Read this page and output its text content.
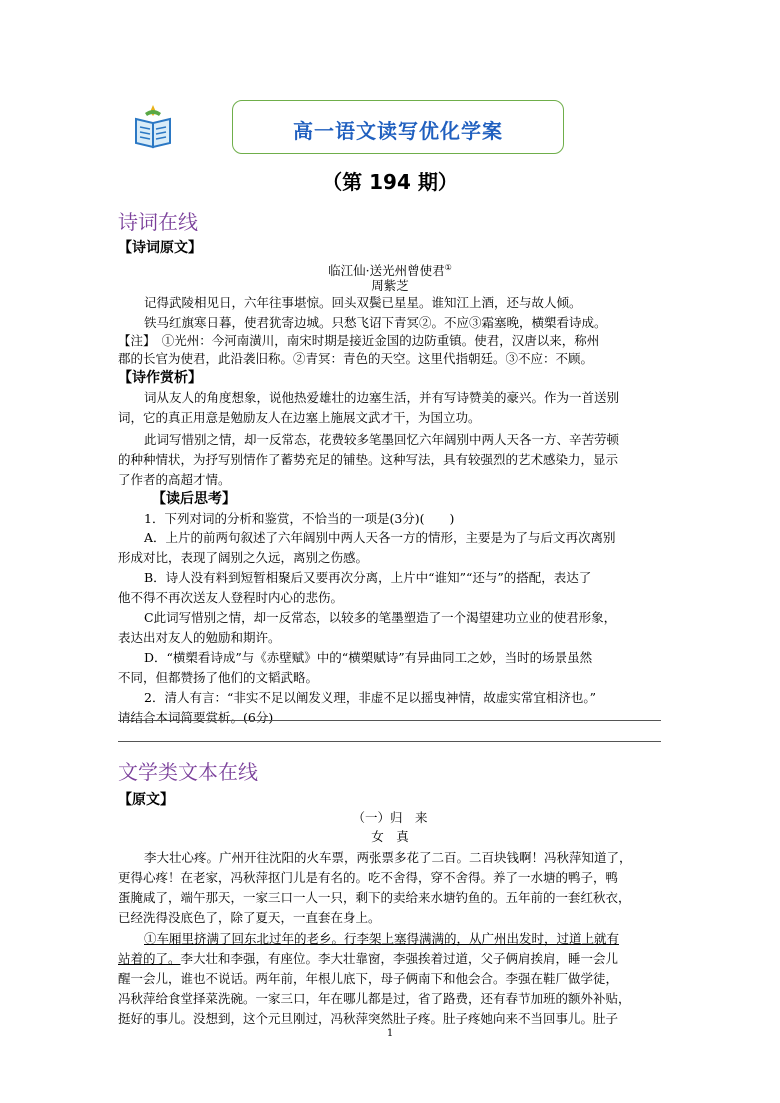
高一语文读写优化学案
（第 194 期）
诗词在线
【诗词原文】
临江仙·送光州曾使君①
周紫芝
记得武陵相见日，六年往事堪惊。回头双鬓已星星。谁知江上酒，还与故人倾。
铁马红旗寒日暮，使君犹寄边城。只愁飞诏下青冥②。不应③霜塞晚，横槊看诗成。
【注】　①光州：今河南潢川，南宋时期是接近金国的边防重镇。使君，汉唐以来，称州
郡的长官为使君，此沿袭旧称。②青冥：青色的天空。这里代指朝廷。③不应：不顾。
【诗作赏析】
词从友人的角度想象，说他热爱雄壮的边塞生活，并有写诗赞美的豪兴。作为一首送别
词，它的真正用意是勉励友人在边塞上施展文武才干，为国立功。
此词写惜别之情，却一反常态，花费较多笔墨回忆六年阔别中两人天各一方、辛苦劳顿
的种种情状，为抒写别情作了蓄势充足的铺垫。这种写法，具有较强烈的艺术感染力，显示
了作者的高超才情。
【读后思考】
1．下列对词的分析和鉴赏，不恰当的一项是(3分)(　　)
A．上片的前两句叙述了六年阔别中两人天各一方的情形，主要是为了与后文再次离别
形成对比，表现了阔别之久远，离别之伤感。
B．诗人没有料到短暂相聚后又要再次分离，上片中“谁知”“还与”的搭配，表达了
他不得不再次送友人登程时内心的悲伤。
C此词写惜别之情，却一反常态，以较多的笔墨塑造了一个渴望建功立业的使君形象，
表达出对友人的勉励和期许。
D．“横槊看诗成”与《赤壁赋》中的“横槊赋诗”有异曲同工之妙，当时的场景虽然
不同，但都赞扬了他们的文韬武略。
2．清人有言：“非实不足以阐发义理，非虚不足以摇曳神情，故虚实常宜相济也。”
请结合本词简要赏析。(6分)
文学类文本在线
【原文】
（一）归　来
女　真
李大壮心疼。广州开往沈阳的火车票，两张票多花了二百。二百块钱啊！冯秋萍知道了，
更得心疼！在老家，冯秋萍抠门儿是有名的。吃不舍得，穿不舍得。养了一水塘的鸭子，鸭
蛋腌咸了，端午那天，一家三口一人一只，剩下的卖给来水塘钓鱼的。五年前的一套红秋衣，
已经洗得没底色了，除了夏天，一直套在身上。
①车厢里挤满了回东北过年的老乡。行李架上塞得满满的，从广州出发时，过道上就有
站着的了。李大壮和李强，有座位。李大壮靠窗，李强挨着过道，父子俩肩挨肩，睡一会儿
醒一会儿，谁也不说话。两年前，年根儿底下，母子俩南下和他会合。李强在鞋厂做学徒，
冯秋萍给食堂择菜洗碗。一家三口，年在哪儿都是过，省了路费，还有春节加班的额外补贴，
挺好的事儿。没想到，这个元旦刚过，冯秋萍突然肚子疼。肚子疼她向来不当回事儿。肚子
1
